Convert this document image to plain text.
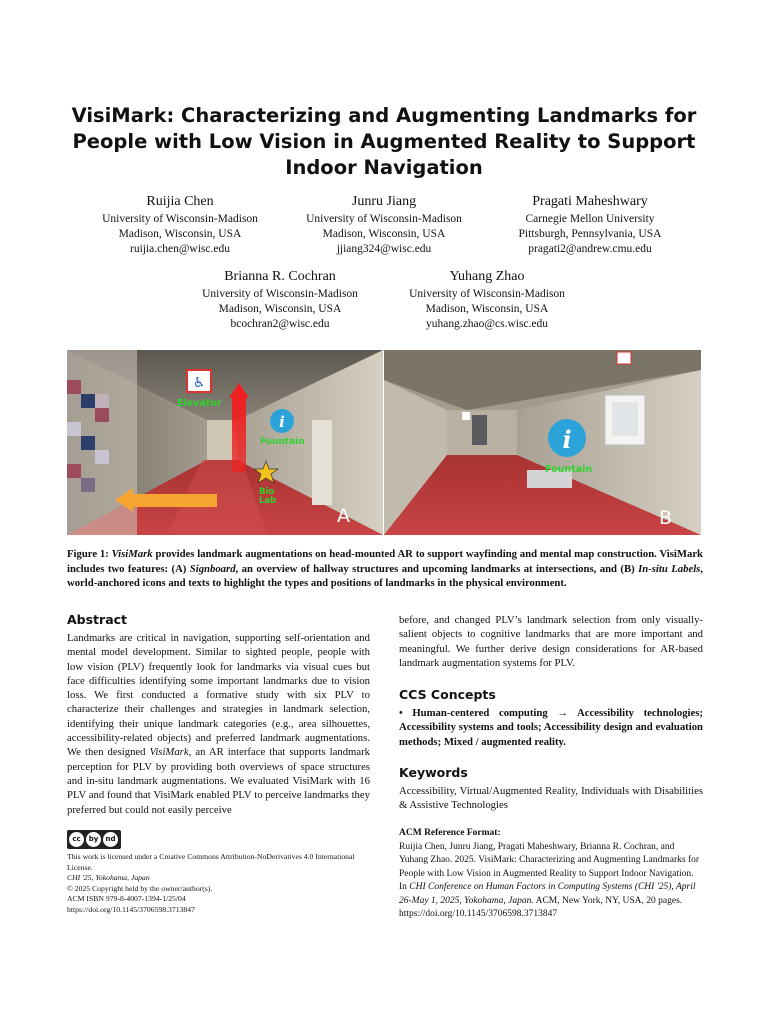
VisiMark: Characterizing and Augmenting Landmarks for People with Low Vision in Augmented Reality to Support Indoor Navigation
Ruijia Chen
University of Wisconsin-Madison
Madison, Wisconsin, USA
ruijia.chen@wisc.edu
Junru Jiang
University of Wisconsin-Madison
Madison, Wisconsin, USA
jjiang324@wisc.edu
Pragati Maheshwary
Carnegie Mellon University
Pittsburgh, Pennsylvania, USA
pragati2@andrew.cmu.edu
Brianna R. Cochran
University of Wisconsin-Madison
Madison, Wisconsin, USA
bcochran2@wisc.edu
Yuhang Zhao
University of Wisconsin-Madison
Madison, Wisconsin, USA
yuhang.zhao@cs.wisc.edu
♿
Elevator
i
Fountain
Bio
Lab
A
i
Fountain
B
Figure 1: VisiMark provides landmark augmentations on head-mounted AR to support wayfinding and mental map construction. VisiMark includes two features: (A) Signboard, an overview of hallway structures and upcoming landmarks at intersections, and (B) In-situ Labels, world-anchored icons and texts to highlight the types and positions of landmarks in the physical environment.
Abstract

Landmarks are critical in navigation, supporting self-orientation and mental model development. Similar to sighted people, people with low vision (PLV) frequently look for landmarks via visual cues but face difficulties identifying some important landmarks due to vision loss. We first conducted a formative study with six PLV to characterize their challenges and strategies in landmark selection, identifying their unique landmark categories (e.g., area silhouettes, accessibility-related objects) and preferred landmark augmentations. We then designed VisiMark, an AR interface that supports landmark perception for PLV by providing both overviews of space structures and in-situ landmark augmentations. We evaluated VisiMark with 16 PLV and found that VisiMark enabled PLV to perceive landmarks they preferred but could not easily perceive

before, and changed PLV’s landmark selection from only visually-salient objects to cognitive landmarks that are more important and meaningful. We further derive design considerations for AR-based landmark augmentation systems for PLV.

CCS Concepts

• Human-centered computing → Accessibility technologies; Accessibility systems and tools; Accessibility design and evaluation methods; Mixed / augmented reality.

Keywords

Accessibility, Virtual/Augmented Reality, Individuals with Disabilities & Assistive Technologies

cc	by	nd
This work is licensed under a Creative Commons Attribution-NoDerivatives 4.0 International License.
CHI '25, Yokohama, Japan
© 2025 Copyright held by the owner/author(s).
ACM ISBN 979-8-4007-1394-1/25/04
https://doi.org/10.1145/3706598.3713847
ACM Reference Format:
Ruijia Chen, Junru Jiang, Pragati Maheshwary, Brianna R. Cochran, and Yuhang Zhao. 2025. VisiMark: Characterizing and Augmenting Landmarks for People with Low Vision in Augmented Reality to Support Indoor Navigation. In CHI Conference on Human Factors in Computing Systems (CHI '25), April 26-May 1, 2025, Yokohama, Japan. ACM, New York, NY, USA, 20 pages. https://doi.org/10.1145/3706598.3713847
